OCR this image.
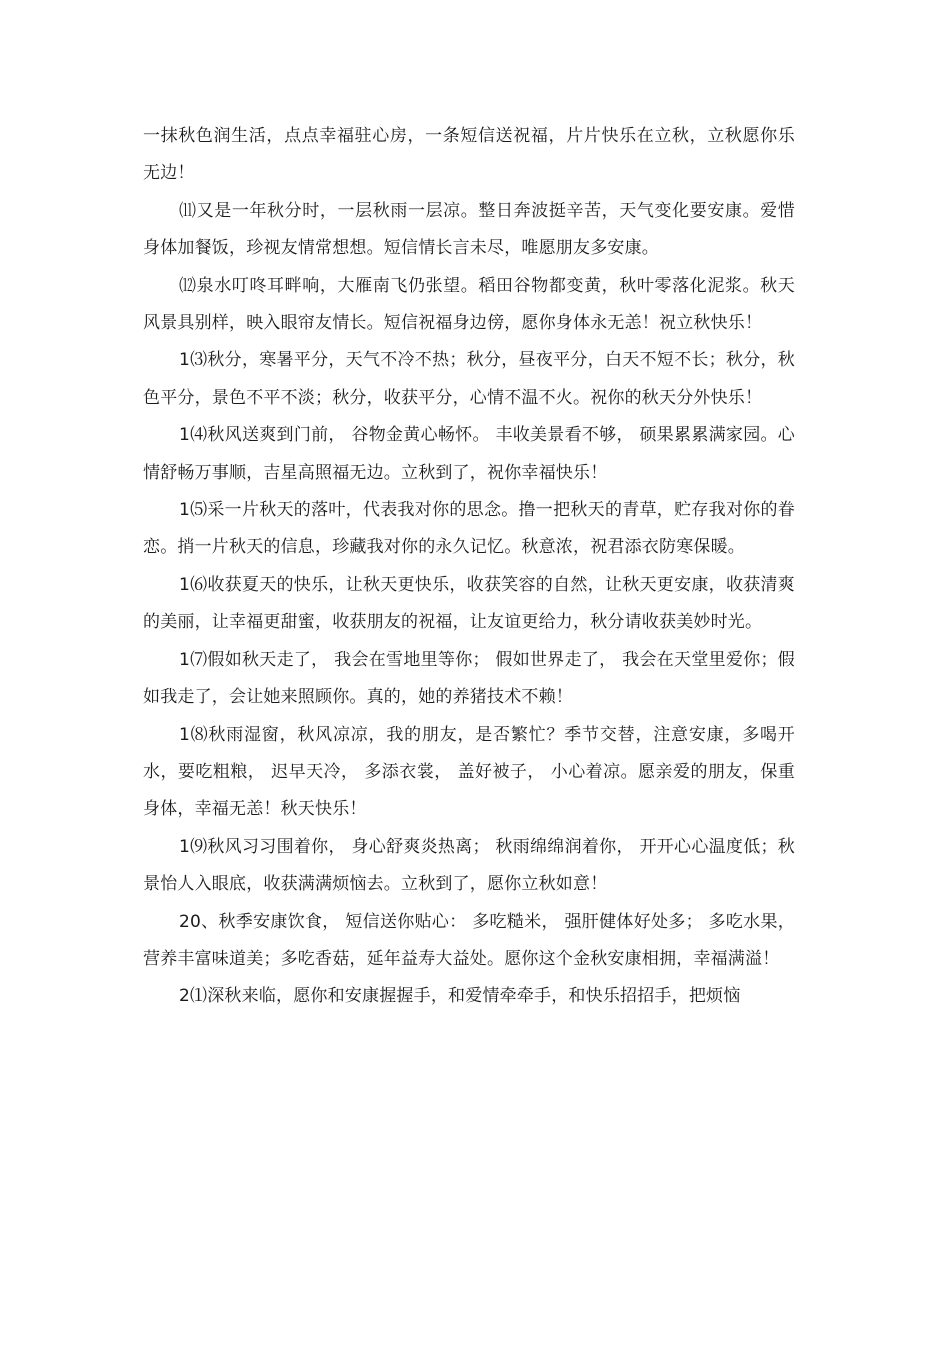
一抹秋色润生活，点点幸福驻心房，一条短信送祝福，片片快乐在立秋，立秋愿你乐无边！

⑾又是一年秋分时，一层秋雨一层凉。整日奔波挺辛苦，天气变化要安康。爱惜身体加餐饭，珍视友情常想想。短信情长言未尽，唯愿朋友多安康。

⑿泉水叮咚耳畔响，大雁南飞仍张望。稻田谷物都变黄，秋叶零落化泥浆。秋天风景具别样，映入眼帘友情长。短信祝福身边傍，愿你身体永无恙！祝立秋快乐！

1⑶秋分，寒暑平分，天气不冷不热；秋分，昼夜平分，白天不短不长；秋分，秋色平分，景色不平不淡；秋分，收获平分，心情不温不火。祝你的秋天分外快乐！

1⑷秋风送爽到门前， 谷物金黄心畅怀。 丰收美景看不够， 硕果累累满家园。心情舒畅万事顺，吉星高照福无边。立秋到了，祝你幸福快乐！

1⑸采一片秋天的落叶，代表我对你的思念。撸一把秋天的青草，贮存我对你的眷恋。捎一片秋天的信息，珍藏我对你的永久记忆。秋意浓，祝君添衣防寒保暖。

1⑹收获夏天的快乐，让秋天更快乐，收获笑容的自然，让秋天更安康，收获清爽的美丽，让幸福更甜蜜，收获朋友的祝福，让友谊更给力，秋分请收获美妙时光。

1⑺假如秋天走了， 我会在雪地里等你； 假如世界走了， 我会在天堂里爱你；假如我走了，会让她来照顾你。真的，她的养猪技术不赖！

1⑻秋雨湿窗，秋风凉凉，我的朋友，是否繁忙？季节交替，注意安康，多喝开水，要吃粗粮， 迟早天冷， 多添衣裳， 盖好被子， 小心着凉。愿亲爱的朋友，保重身体，幸福无恙！秋天快乐！

1⑼秋风习习围着你， 身心舒爽炎热离； 秋雨绵绵润着你， 开开心心温度低；秋景怡人入眼底，收获满满烦恼去。立秋到了，愿你立秋如意！

20、秋季安康饮食， 短信送你贴心： 多吃糙米， 强肝健体好处多； 多吃水果，营养丰富味道美；多吃香菇，延年益寿大益处。愿你这个金秋安康相拥，幸福满溢！

2⑴深秋来临，愿你和安康握握手，和爱情牵牵手，和快乐招招手，把烦恼
